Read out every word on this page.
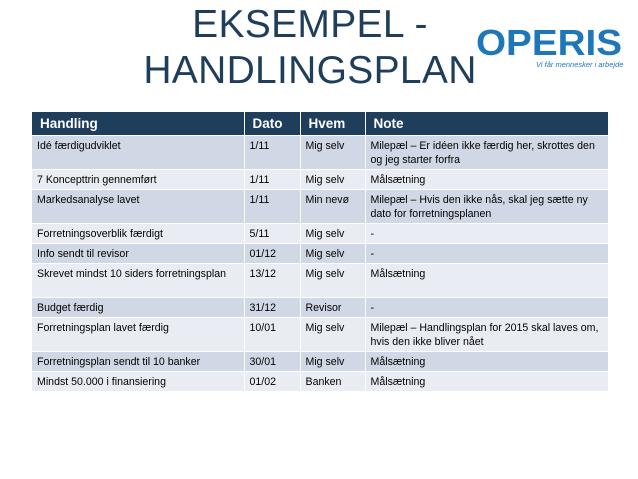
EKSEMPEL -
HANDLINGSPLAN
OPERIS
Vi får mennesker i arbejde
Handling	Dato	Hvem	Note
Idé færdigudviklet	1/11	Mig selv	Milepæl – Er idéen ikke færdig her, skrottes den og jeg starter forfra
7 Koncepttrin gennemført	1/11	Mig selv	Målsætning
Markedsanalyse lavet	1/11	Min nevø	Milepæl – Hvis den ikke nås, skal jeg sætte ny dato for forretningsplanen
Forretningsoverblik færdigt	5/11	Mig selv	-
Info sendt til revisor	01/12	Mig selv	-
Skrevet mindst 10 siders forretningsplan	13/12	Mig selv	Målsætning
Budget færdig	31/12	Revisor	-
Forretningsplan lavet færdig	10/01	Mig selv	Milepæl – Handlingsplan for 2015 skal laves om, hvis den ikke bliver nået
Forretningsplan sendt til 10 banker	30/01	Mig selv	Målsætning
Mindst 50.000 i finansiering	01/02	Banken	Målsætning
